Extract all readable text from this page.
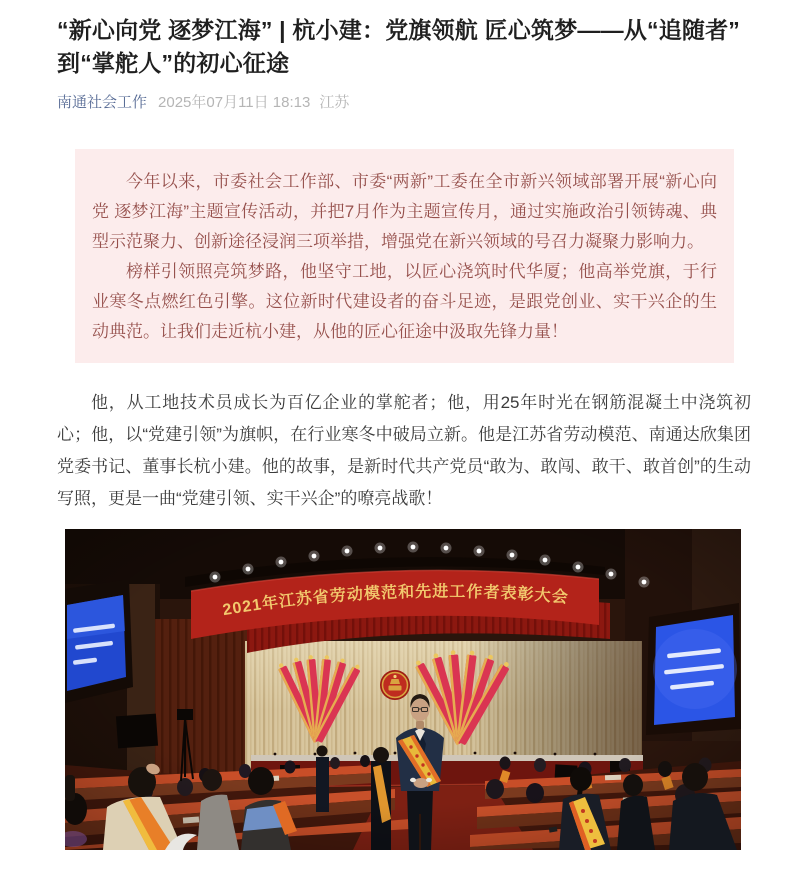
“新心向党 逐梦江海” | 杭小建：党旗领航 匠心筑梦——从“追随者”到“掌舵人”的初心征途
南通社会工作 2025年07月11日 18:13 江苏

今年以来，市委社会工作部、市委“两新”工委在全市新兴领域部署开展“新心向党 逐梦江海”主题宣传活动，并把7月作为主题宣传月，通过实施政治引领铸魂、典型示范聚力、创新途径浸润三项举措，增强党在新兴领域的号召力凝聚力影响力。

榜样引领照亮筑梦路，他坚守工地，以匠心浇筑时代华厦；他高举党旗，于行业寒冬点燃红色引擎。这位新时代建设者的奋斗足迹，是跟党创业、实干兴企的生动典范。让我们走近杭小建，从他的匠心征途中汲取先锋力量！

他，从工地技术员成长为百亿企业的掌舵者；他，用25年时光在钢筋混凝土中浇筑初心；他，以“党建引领”为旗帜，在行业寒冬中破局立新。他是江苏省劳动模范、南通达欣集团党委书记、董事长杭小建。他的故事，是新时代共产党员“敢为、敢闯、敢干、敢首创”的生动写照，更是一曲“党建引领、实干兴企”的嘹亮战歌！
